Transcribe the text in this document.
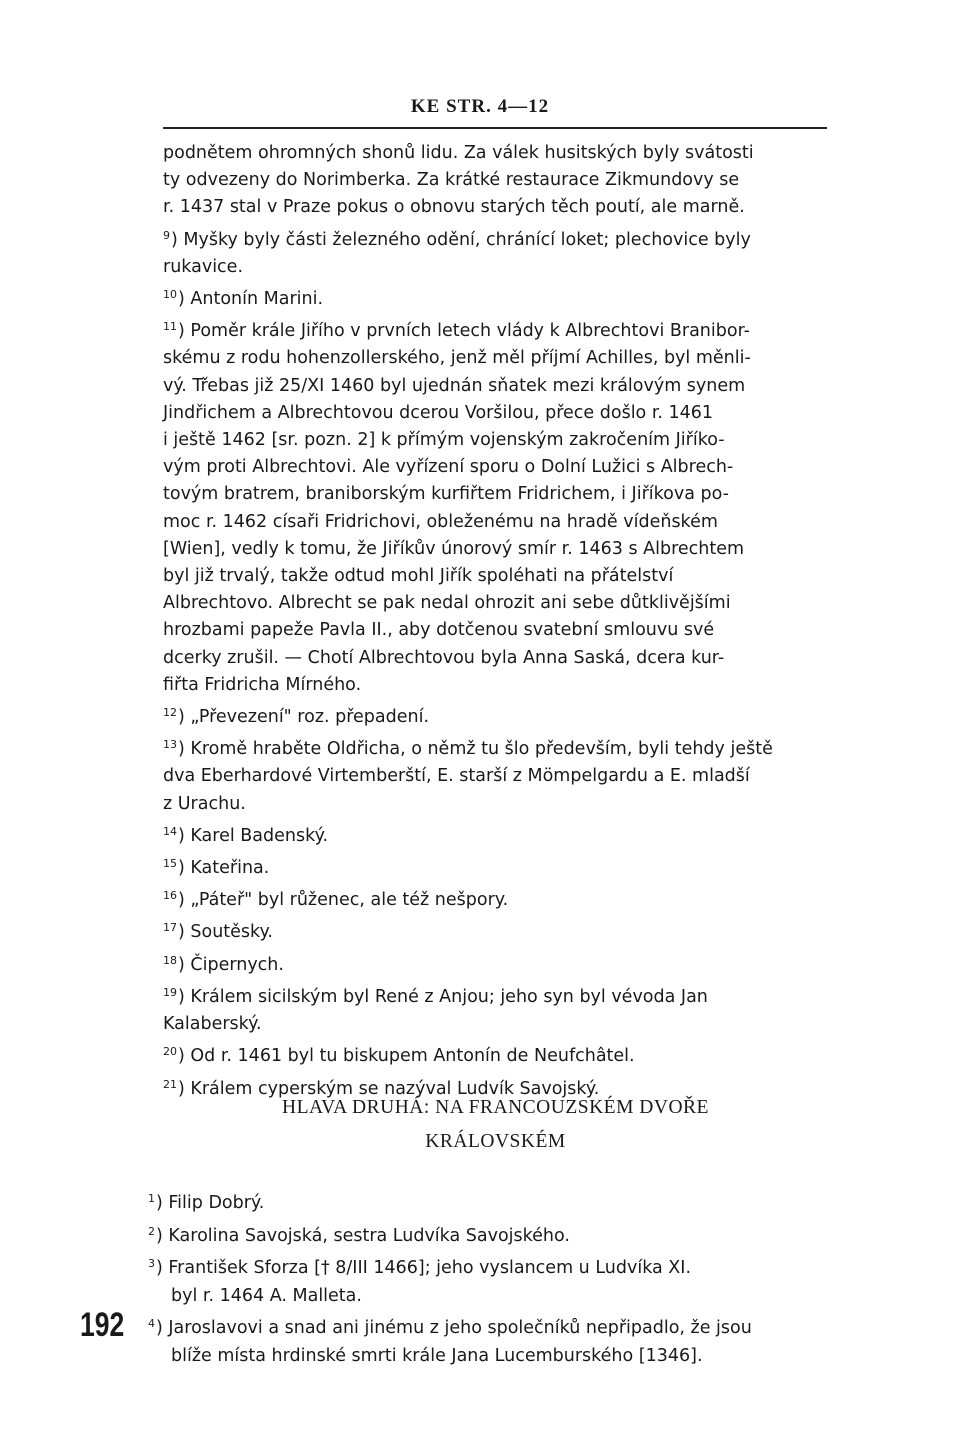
KE STR. 4—12
podnětem ohromných shonů lidu. Za válek husitských byly svátosti
ty odvezeny do Norimberka. Za krátké restaurace Zikmundovy se
r. 1437 stal v Praze pokus o obnovu starých těch poutí, ale marně.
$^9$) Myšky byly části železného odění, chránící loket; plechovice byly
rukavice.
$^{10}$) Antonín Marini.
$^{11}$) Poměr krále Jiřího v prvních letech vlády k Albrechtovi Branibor-
skému z rodu hohenzollerského, jenž měl příjmí Achilles, byl měnli-
vý. Třebas již 25/XI 1460 byl ujednán sňatek mezi královým synem
Jindřichem a Albrechtovou dcerou Voršilou, přece došlo r. 1461
i ještě 1462 [sr. pozn. 2] k přímým vojenským zakročením Jiříko-
vým proti Albrechtovi. Ale vyřízení sporu o Dolní Lužici s Albrech-
tovým bratrem, braniborským kurfiřtem Fridrichem, i Jiříkova po-
moc r. 1462 císaři Fridrichovi, obleženému na hradě vídeňském
[Wien], vedly k tomu, že Jiříkův únorový smír r. 1463 s Albrechtem
byl již trvalý, takže odtud mohl Jiřík spoléhati na přátelství
Albrechtovo. Albrecht se pak nedal ohrozit ani sebe důtklivějšími
hrozbami papeže Pavla II., aby dotčenou svatební smlouvu své
dcerky zrušil. — Chotí Albrechtovou byla Anna Saská, dcera kur-
fiřta Fridricha Mírného.
$^{12}$) „Převezení" roz. přepadení.
$^{13}$) Kromě hraběte Oldřicha, o němž tu šlo především, byli tehdy ještě
dva Eberhardové Virtemberští, E. starší z Mömpelgardu a E. mladší
z Urachu.
$^{14}$) Karel Badenský.
$^{15}$) Kateřina.
$^{16}$) „Páteř" byl růženec, ale též nešpory.
$^{17}$) Soutěsky.
$^{18}$) Čipernych.
$^{19}$) Králem sicilským byl René z Anjou; jeho syn byl vévoda Jan
Kalaberský.
$^{20}$) Od r. 1461 byl tu biskupem Antonín de Neufchâtel.
$^{21}$) Králem cyperským se nazýval Ludvík Savojský.
HLAVA DRUHÁ: NA FRANCOUZSKÉM DVOŘE
KRÁLOVSKÉM
$^1$) Filip Dobrý.
$^2$) Karolina Savojská, sestra Ludvíka Savojského.
$^3$) František Sforza [† 8/III 1466]; jeho vyslancem u Ludvíka XI.
byl r. 1464 A. Malleta.
$^4$) Jaroslavovi a snad ani jinému z jeho společníků nepřipadlo, že jsou
blíže místa hrdinské smrti krále Jana Lucemburského [1346].
192
